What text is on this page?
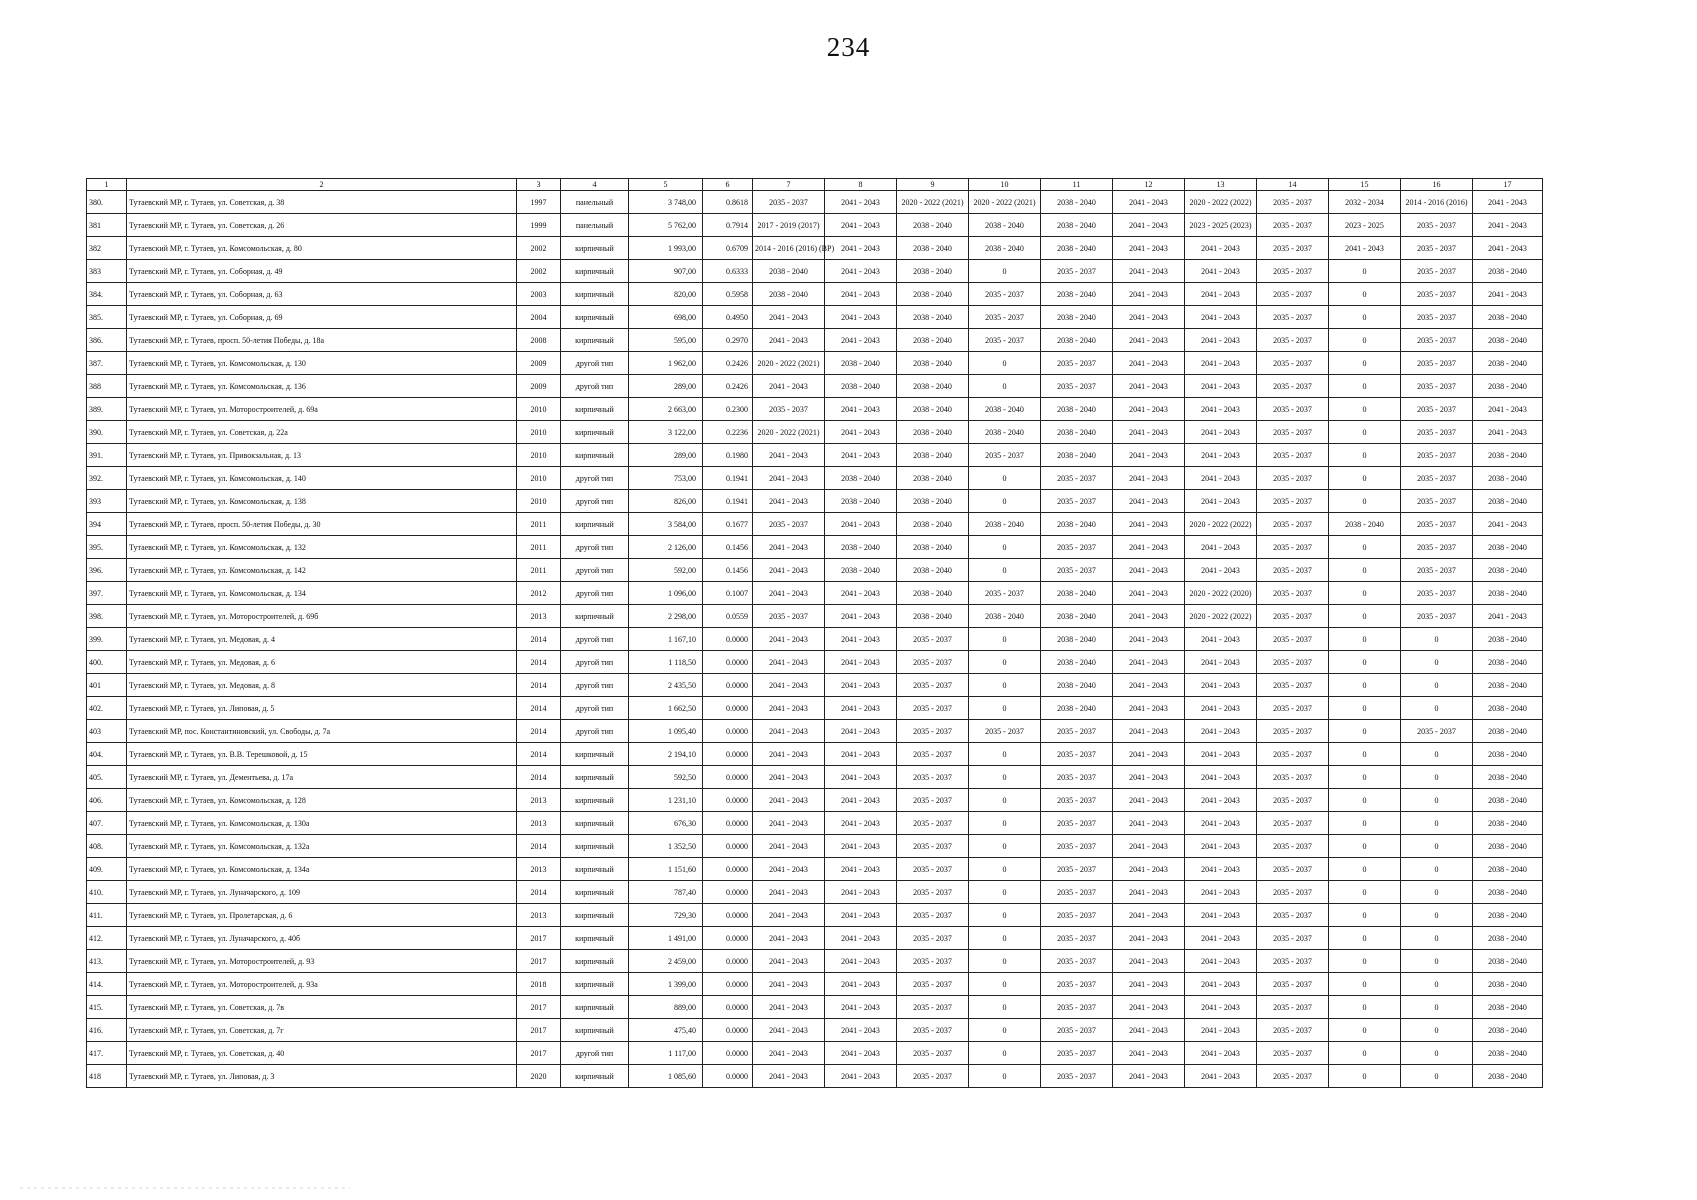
234
1	2	3	4	5	6	7	8	9	10	11	12	13	14	15	16	17
380.	Тутаевский МР, г. Тутаев, ул. Советская, д. 38	1997	панельный	3 748,00	0.8618	2035 - 2037	2041 - 2043	2020 - 2022 (2021)	2020 - 2022 (2021)	2038 - 2040	2041 - 2043	2020 - 2022 (2022)	2035 - 2037	2032 - 2034	2014 - 2016 (2016)	2041 - 2043
381	Тутаевский МР, г. Тутаев, ул. Советская, д. 26	1999	панельный	5 762,00	0.7914	2017 - 2019 (2017)	2041 - 2043	2038 - 2040	2038 - 2040	2038 - 2040	2041 - 2043	2023 - 2025 (2023)	2035 - 2037	2023 - 2025	2035 - 2037	2041 - 2043
382	Тутаевский МР, г. Тутаев, ул. Комсомольская, д. 80	2002	кирпичный	1 993,00	0.6709	2014 - 2016 (2016) (ВР)	2041 - 2043	2038 - 2040	2038 - 2040	2038 - 2040	2041 - 2043	2041 - 2043	2035 - 2037	2041 - 2043	2035 - 2037	2041 - 2043
383	Тутаевский МР, г. Тутаев, ул. Соборная, д. 49	2002	кирпичный	907,00	0.6333	2038 - 2040	2041 - 2043	2038 - 2040	0	2035 - 2037	2041 - 2043	2041 - 2043	2035 - 2037	0	2035 - 2037	2038 - 2040
384.	Тутаевский МР, г. Тутаев, ул. Соборная, д. 63	2003	кирпичный	820,00	0.5958	2038 - 2040	2041 - 2043	2038 - 2040	2035 - 2037	2038 - 2040	2041 - 2043	2041 - 2043	2035 - 2037	0	2035 - 2037	2041 - 2043
385.	Тутаевский МР, г. Тутаев, ул. Соборная, д. 69	2004	кирпичный	698,00	0.4950	2041 - 2043	2041 - 2043	2038 - 2040	2035 - 2037	2038 - 2040	2041 - 2043	2041 - 2043	2035 - 2037	0	2035 - 2037	2038 - 2040
386.	Тутаевский МР, г. Тутаев, просп. 50-летия Победы, д. 18а	2008	кирпичный	595,00	0.2970	2041 - 2043	2041 - 2043	2038 - 2040	2035 - 2037	2038 - 2040	2041 - 2043	2041 - 2043	2035 - 2037	0	2035 - 2037	2038 - 2040
387.	Тутаевский МР, г. Тутаев, ул. Комсомольская, д. 130	2009	другой тип	1 962,00	0.2426	2020 - 2022 (2021)	2038 - 2040	2038 - 2040	0	2035 - 2037	2041 - 2043	2041 - 2043	2035 - 2037	0	2035 - 2037	2038 - 2040
388	Тутаевский МР, г. Тутаев, ул. Комсомольская, д. 136	2009	другой тип	289,00	0.2426	2041 - 2043	2038 - 2040	2038 - 2040	0	2035 - 2037	2041 - 2043	2041 - 2043	2035 - 2037	0	2035 - 2037	2038 - 2040
389.	Тутаевский МР, г. Тутаев, ул. Моторостроителей, д. 69а	2010	кирпичный	2 663,00	0.2300	2035 - 2037	2041 - 2043	2038 - 2040	2038 - 2040	2038 - 2040	2041 - 2043	2041 - 2043	2035 - 2037	0	2035 - 2037	2041 - 2043
390.	Тутаевский МР, г. Тутаев, ул. Советская, д. 22а	2010	кирпичный	3 122,00	0.2236	2020 - 2022 (2021)	2041 - 2043	2038 - 2040	2038 - 2040	2038 - 2040	2041 - 2043	2041 - 2043	2035 - 2037	0	2035 - 2037	2041 - 2043
391.	Тутаевский МР, г. Тутаев, ул. Привокзальная, д. 13	2010	кирпичный	289,00	0.1980	2041 - 2043	2041 - 2043	2038 - 2040	2035 - 2037	2038 - 2040	2041 - 2043	2041 - 2043	2035 - 2037	0	2035 - 2037	2038 - 2040
392.	Тутаевский МР, г. Тутаев, ул. Комсомольская, д. 140	2010	другой тип	753,00	0.1941	2041 - 2043	2038 - 2040	2038 - 2040	0	2035 - 2037	2041 - 2043	2041 - 2043	2035 - 2037	0	2035 - 2037	2038 - 2040
393	Тутаевский МР, г. Тутаев, ул. Комсомольская, д. 138	2010	другой тип	826,00	0.1941	2041 - 2043	2038 - 2040	2038 - 2040	0	2035 - 2037	2041 - 2043	2041 - 2043	2035 - 2037	0	2035 - 2037	2038 - 2040
394	Тутаевский МР, г. Тутаев, просп. 50-летия Победы, д. 30	2011	кирпичный	3 584,00	0.1677	2035 - 2037	2041 - 2043	2038 - 2040	2038 - 2040	2038 - 2040	2041 - 2043	2020 - 2022 (2022)	2035 - 2037	2038 - 2040	2035 - 2037	2041 - 2043
395.	Тутаевский МР, г. Тутаев, ул. Комсомольская, д. 132	2011	другой тип	2 126,00	0.1456	2041 - 2043	2038 - 2040	2038 - 2040	0	2035 - 2037	2041 - 2043	2041 - 2043	2035 - 2037	0	2035 - 2037	2038 - 2040
396.	Тутаевский МР, г. Тутаев, ул. Комсомольская, д. 142	2011	другой тип	592,00	0.1456	2041 - 2043	2038 - 2040	2038 - 2040	0	2035 - 2037	2041 - 2043	2041 - 2043	2035 - 2037	0	2035 - 2037	2038 - 2040
397.	Тутаевский МР, г. Тутаев, ул. Комсомольская, д. 134	2012	другой тип	1 096,00	0.1007	2041 - 2043	2041 - 2043	2038 - 2040	2035 - 2037	2038 - 2040	2041 - 2043	2020 - 2022 (2020)	2035 - 2037	0	2035 - 2037	2038 - 2040
398.	Тутаевский МР, г. Тутаев, ул. Моторостроителей, д. 69б	2013	кирпичный	2 298,00	0.0559	2035 - 2037	2041 - 2043	2038 - 2040	2038 - 2040	2038 - 2040	2041 - 2043	2020 - 2022 (2022)	2035 - 2037	0	2035 - 2037	2041 - 2043
399.	Тутаевский МР, г. Тутаев, ул. Медовая, д. 4	2014	другой тип	1 167,10	0.0000	2041 - 2043	2041 - 2043	2035 - 2037	0	2038 - 2040	2041 - 2043	2041 - 2043	2035 - 2037	0	0	2038 - 2040
400.	Тутаевский МР, г. Тутаев, ул. Медовая, д. 6	2014	другой тип	1 118,50	0.0000	2041 - 2043	2041 - 2043	2035 - 2037	0	2038 - 2040	2041 - 2043	2041 - 2043	2035 - 2037	0	0	2038 - 2040
401	Тутаевский МР, г. Тутаев, ул. Медовая, д. 8	2014	другой тип	2 435,50	0.0000	2041 - 2043	2041 - 2043	2035 - 2037	0	2038 - 2040	2041 - 2043	2041 - 2043	2035 - 2037	0	0	2038 - 2040
402.	Тутаевский МР, г. Тутаев, ул. Липовая, д. 5	2014	другой тип	1 662,50	0.0000	2041 - 2043	2041 - 2043	2035 - 2037	0	2038 - 2040	2041 - 2043	2041 - 2043	2035 - 2037	0	0	2038 - 2040
403	Тутаевский МР, пос. Константиновский, ул. Свободы, д. 7а	2014	другой тип	1 095,40	0.0000	2041 - 2043	2041 - 2043	2035 - 2037	2035 - 2037	2035 - 2037	2041 - 2043	2041 - 2043	2035 - 2037	0	2035 - 2037	2038 - 2040
404.	Тутаевский МР, г. Тутаев, ул. В.В. Терешковой, д. 15	2014	кирпичный	2 194,10	0.0000	2041 - 2043	2041 - 2043	2035 - 2037	0	2035 - 2037	2041 - 2043	2041 - 2043	2035 - 2037	0	0	2038 - 2040
405.	Тутаевский МР, г. Тутаев, ул. Дементьева, д. 17а	2014	кирпичный	592,50	0.0000	2041 - 2043	2041 - 2043	2035 - 2037	0	2035 - 2037	2041 - 2043	2041 - 2043	2035 - 2037	0	0	2038 - 2040
406.	Тутаевский МР, г. Тутаев, ул. Комсомольская, д. 128	2013	кирпичный	1 231,10	0.0000	2041 - 2043	2041 - 2043	2035 - 2037	0	2035 - 2037	2041 - 2043	2041 - 2043	2035 - 2037	0	0	2038 - 2040
407.	Тутаевский МР, г. Тутаев, ул. Комсомольская, д. 130а	2013	кирпичный	676,30	0.0000	2041 - 2043	2041 - 2043	2035 - 2037	0	2035 - 2037	2041 - 2043	2041 - 2043	2035 - 2037	0	0	2038 - 2040
408.	Тутаевский МР, г. Тутаев, ул. Комсомольская, д. 132а	2014	кирпичный	1 352,50	0.0000	2041 - 2043	2041 - 2043	2035 - 2037	0	2035 - 2037	2041 - 2043	2041 - 2043	2035 - 2037	0	0	2038 - 2040
409.	Тутаевский МР, г. Тутаев, ул. Комсомольская, д. 134а	2013	кирпичный	1 151,60	0.0000	2041 - 2043	2041 - 2043	2035 - 2037	0	2035 - 2037	2041 - 2043	2041 - 2043	2035 - 2037	0	0	2038 - 2040
410.	Тутаевский МР, г. Тутаев, ул. Луначарского, д. 109	2014	кирпичный	787,40	0.0000	2041 - 2043	2041 - 2043	2035 - 2037	0	2035 - 2037	2041 - 2043	2041 - 2043	2035 - 2037	0	0	2038 - 2040
411.	Тутаевский МР, г. Тутаев, ул. Пролетарская, д. 6	2013	кирпичный	729,30	0.0000	2041 - 2043	2041 - 2043	2035 - 2037	0	2035 - 2037	2041 - 2043	2041 - 2043	2035 - 2037	0	0	2038 - 2040
412.	Тутаевский МР, г. Тутаев, ул. Луначарского, д. 40б	2017	кирпичный	1 491,00	0.0000	2041 - 2043	2041 - 2043	2035 - 2037	0	2035 - 2037	2041 - 2043	2041 - 2043	2035 - 2037	0	0	2038 - 2040
413.	Тутаевский МР, г. Тутаев, ул. Моторостроителей, д. 93	2017	кирпичный	2 459,00	0.0000	2041 - 2043	2041 - 2043	2035 - 2037	0	2035 - 2037	2041 - 2043	2041 - 2043	2035 - 2037	0	0	2038 - 2040
414.	Тутаевский МР, г. Тутаев, ул. Моторостроителей, д. 93а	2018	кирпичный	1 399,00	0.0000	2041 - 2043	2041 - 2043	2035 - 2037	0	2035 - 2037	2041 - 2043	2041 - 2043	2035 - 2037	0	0	2038 - 2040
415.	Тутаевский МР, г. Тутаев, ул. Советская, д. 7в	2017	кирпичный	889,00	0.0000	2041 - 2043	2041 - 2043	2035 - 2037	0	2035 - 2037	2041 - 2043	2041 - 2043	2035 - 2037	0	0	2038 - 2040
416.	Тутаевский МР, г. Тутаев, ул. Советская, д. 7г	2017	кирпичный	475,40	0.0000	2041 - 2043	2041 - 2043	2035 - 2037	0	2035 - 2037	2041 - 2043	2041 - 2043	2035 - 2037	0	0	2038 - 2040
417.	Тутаевский МР, г. Тутаев, ул. Советская, д. 40	2017	другой тип	1 117,00	0.0000	2041 - 2043	2041 - 2043	2035 - 2037	0	2035 - 2037	2041 - 2043	2041 - 2043	2035 - 2037	0	0	2038 - 2040
418	Тутаевский МР, г. Тутаев, ул. Липовая, д. 3	2020	кирпичный	1 085,60	0.0000	2041 - 2043	2041 - 2043	2035 - 2037	0	2035 - 2037	2041 - 2043	2041 - 2043	2035 - 2037	0	0	2038 - 2040
